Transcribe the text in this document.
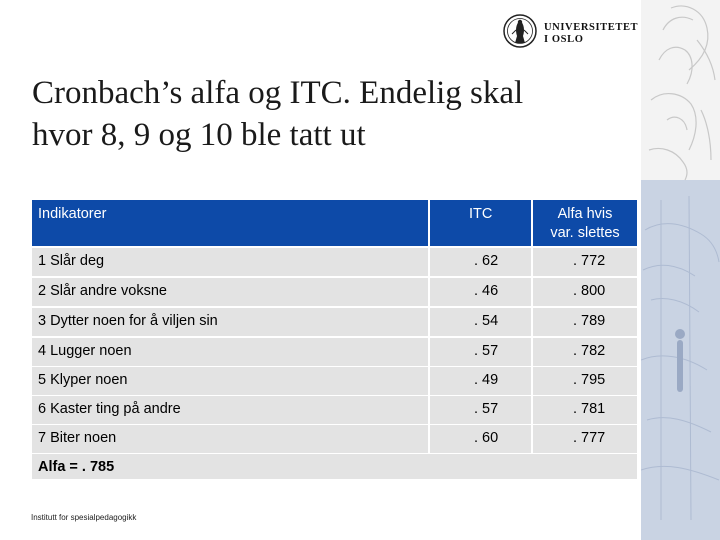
UNIVERSITETET
I OSLO
Cronbach’s alfa og ITC. Endelig skal
hvor 8, 9 og 10 ble tatt ut
Indikatorer	ITC	Alfa hvis
var. slettes
1 Slår deg	. 62	. 772
2 Slår andre voksne	. 46	. 800
3 Dytter noen for å viljen sin	. 54	. 789
4 Lugger noen	. 57	. 782
5 Klyper noen	. 49	. 795
6 Kaster ting på andre	. 57	. 781
7 Biter noen	. 60	. 777
Alfa = . 785
Institutt for spesialpedagogikk
